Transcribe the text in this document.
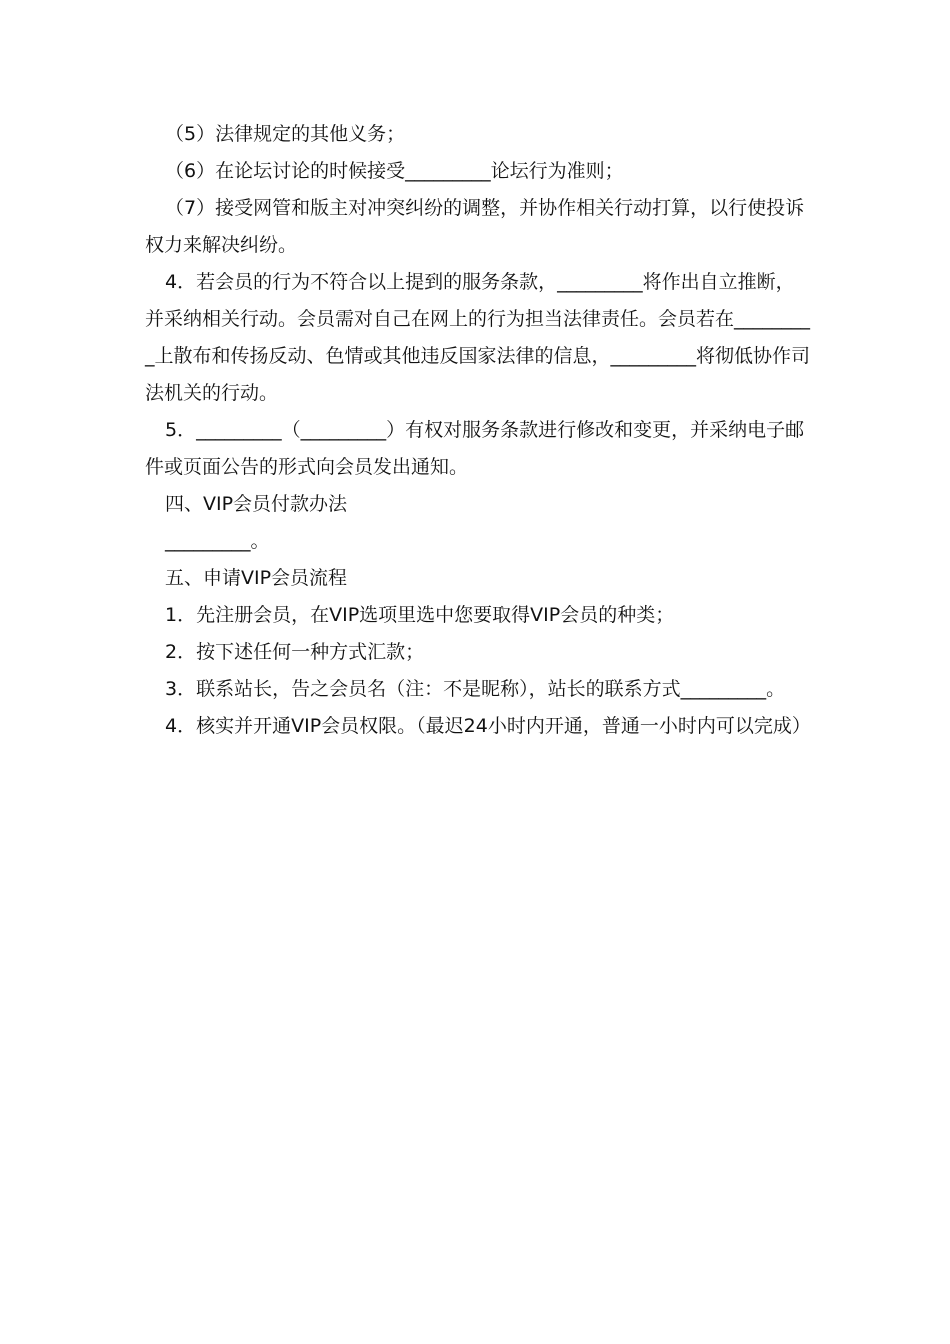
（5）法律规定的其他义务；

（6）在论坛讨论的时候接受_________论坛行为准则；

（7）接受网管和版主对冲突纠纷的调整，并协作相关行动打算，以行使投诉权力来解决纠纷。

4．若会员的行为不符合以上提到的服务条款，_________将作出自立推断，并采纳相关行动。会员需对自己在网上的行为担当法律责任。会员若在_________上散布和传扬反动、色情或其他违反国家法律的信息，_________将彻低协作司法机关的行动。

5．_________（_________）有权对服务条款进行修改和变更，并采纳电子邮件或页面公告的形式向会员发出通知。

四、VIP会员付款办法

_________。

五、申请VIP会员流程

1．先注册会员，在VIP选项里选中您要取得VIP会员的种类；

2．按下述任何一种方式汇款；

3．联系站长，告之会员名（注：不是昵称），站长的联系方式_________。

4．核实并开通VIP会员权限。（最迟24小时内开通，普通一小时内可以完成）
